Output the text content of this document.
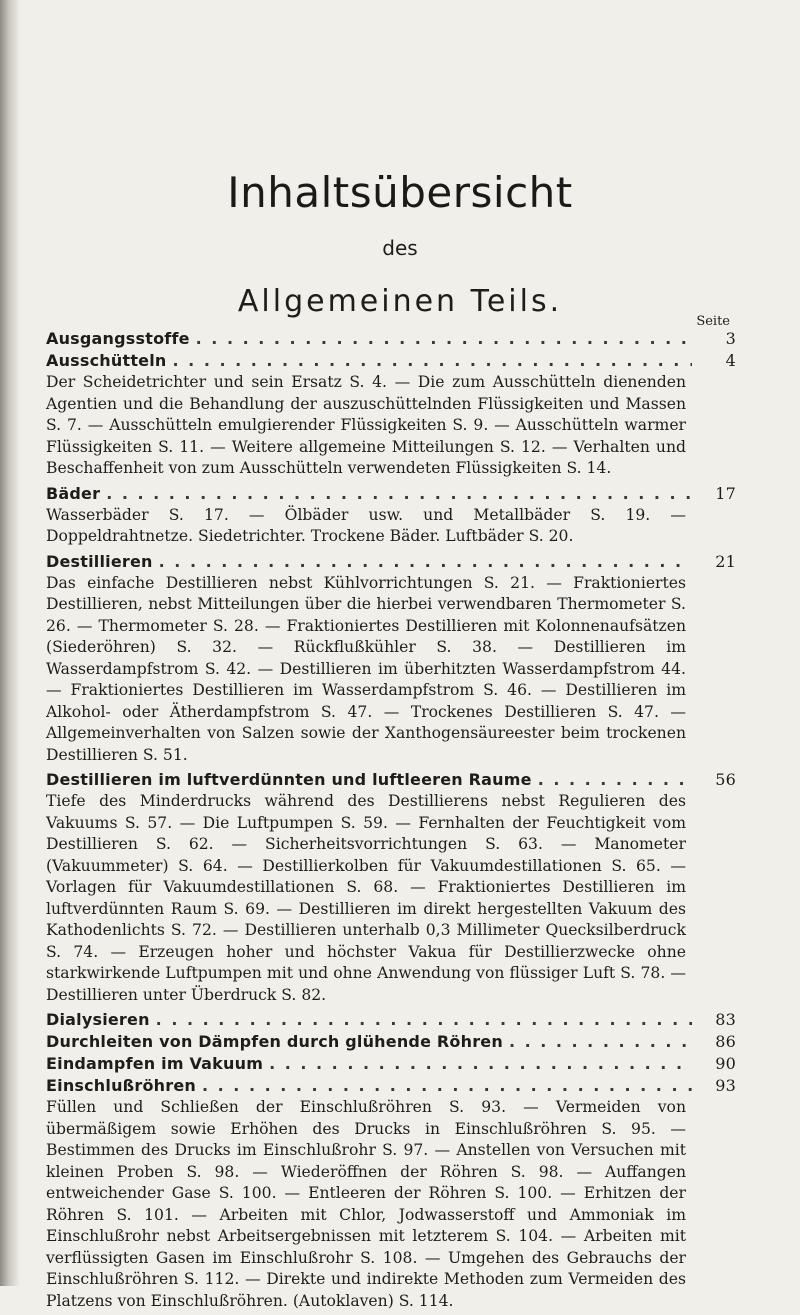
Inhaltsübersicht
des
Allgemeinen Teils.
Seite
Ausgangsstoffe . . .	3
Ausschütteln . . .	4
Der Scheidetrichter und sein Ersatz S. 4. — Die zum Ausschütteln dienenden Agentien und die Behandlung der auszuschüttelnden Flüssigkeiten und Massen S. 7. — Ausschütteln emulgierender Flüssigkeiten S. 9. — Ausschütteln warmer Flüssigkeiten S. 11. — Weitere allgemeine Mitteilungen S. 12. — Verhalten und Beschaffenheit von zum Ausschütteln verwendeten Flüssigkeiten S. 14.
Bäder . . .	17
Wasserbäder S. 17. — Ölbäder usw. und Metallbäder S. 19. — Doppeldrahtnetze. Siedetrichter. Trockene Bäder. Luftbäder S. 20.
Destillieren . . .	21
Das einfache Destillieren nebst Kühlvorrichtungen S. 21. — Fraktioniertes Destillieren, nebst Mitteilungen über die hierbei verwendbaren Thermometer S. 26. — Thermometer S. 28. — Fraktioniertes Destillieren mit Kolonnenaufsätzen (Siederöhren) S. 32. — Rückflußkühler S. 38. — Destillieren im Wasserdampfstrom S. 42. — Destillieren im überhitzten Wasserdampfstrom 44. — Fraktioniertes Destillieren im Wasserdampfstrom S. 46. — Destillieren im Alkohol- oder Ätherdampfstrom S. 47. — Trockenes Destillieren S. 47. — Allgemeinverhalten von Salzen sowie der Xanthogensäureester beim trockenen Destillieren S. 51.
Destillieren im luftverdünnten und luftleeren Raume . . .	56
Tiefe des Minderdrucks während des Destillierens nebst Regulieren des Vakuums S. 57. — Die Luftpumpen S. 59. — Fernhalten der Feuchtigkeit vom Destillieren S. 62. — Sicherheitsvorrichtungen S. 63. — Manometer (Vakuummeter) S. 64. — Destillierkolben für Vakuumdestillationen S. 65. — Vorlagen für Vakuumdestillationen S. 68. — Fraktioniertes Destillieren im luftverdünnten Raum S. 69. — Destillieren im direkt hergestellten Vakuum des Kathodenlichts S. 72. — Destillieren unterhalb 0,3 Millimeter Quecksilberdruck S. 74. — Erzeugen hoher und höchster Vakua für Destillierzwecke ohne starkwirkende Luftpumpen mit und ohne Anwendung von flüssiger Luft S. 78. — Destillieren unter Überdruck S. 82.
Dialysieren . . .	83
Durchleiten von Dämpfen durch glühende Röhren . . .	86
Eindampfen im Vakuum . . .	90
Einschlußröhren . . .	93
Füllen und Schließen der Einschlußröhren S. 93. — Vermeiden von übermäßigem sowie Erhöhen des Drucks in Einschlußröhren S. 95. — Bestimmen des Drucks im Einschlußrohr S. 97. — Anstellen von Versuchen mit kleinen Proben S. 98. — Wiederöffnen der Röhren S. 98. — Auffangen entweichender Gase S. 100. — Entleeren der Röhren S. 100. — Erhitzen der Röhren S. 101. — Arbeiten mit Chlor, Jodwasserstoff und Ammoniak im Einschlußrohr nebst Arbeitsergebnissen mit letzterem S. 104. — Arbeiten mit verflüssigten Gasen im Einschlußrohr S. 108. — Umgehen des Gebrauchs der Einschlußröhren S. 112. — Direkte und indirekte Methoden zum Vermeiden des Platzens von Einschlußröhren. (Autoklaven) S. 114.
